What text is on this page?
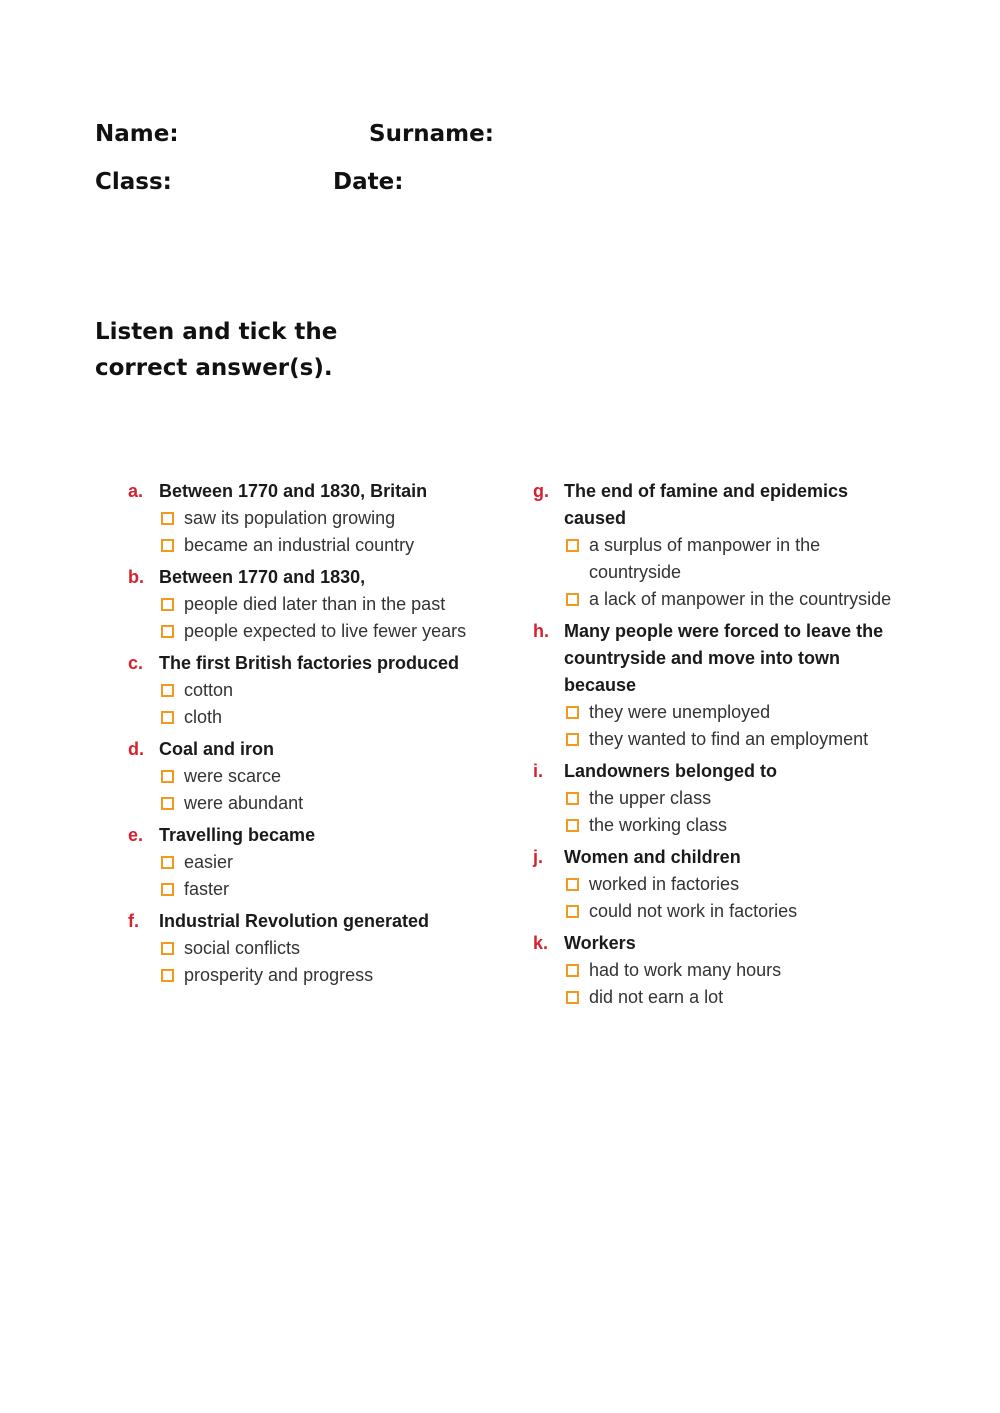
Name:	Surname:
Class:	Date:
Listen and tick the correct answer(s).
a. Between 1770 and 1830, Britain
saw its population growing
became an industrial country
b. Between 1770 and 1830,
people died later than in the past
people expected to live fewer years
c. The first British factories produced
cotton
cloth
d. Coal and iron
were scarce
were abundant
e. Travelling became
easier
faster
f. Industrial Revolution generated
social conflicts
prosperity and progress
g. The end of famine and epidemics caused
a surplus of manpower in the countryside
a lack of manpower in the countryside
h. Many people were forced to leave the countryside and move into town because
they were unemployed
they wanted to find an employment
i. Landowners belonged to
the upper class
the working class
j. Women and children
worked in factories
could not work in factories
k. Workers
had to work many hours
did not earn a lot
